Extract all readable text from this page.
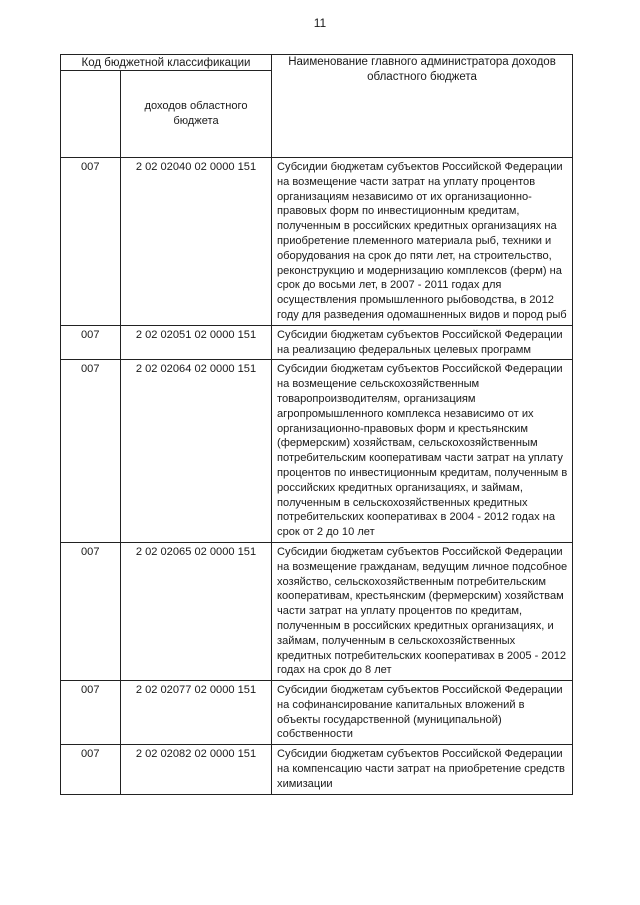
11
Код бюджетной классификации		Наименование главного администратора доходов областного бюджета
	доходов областного бюджета	
007	2 02 02040 02 0000 151	Субсидии бюджетам субъектов Российской Федерации на возмещение части затрат на уплату процентов организациям независимо от их организационно-правовых форм по инвестиционным кредитам, полученным в российских кредитных организациях на приобретение племенного материала рыб, техники и оборудования на срок до пяти лет, на строительство, реконструкцию и модернизацию комплексов (ферм) на срок до восьми лет, в 2007 - 2011 годах для осуществления промышленного рыбоводства, в 2012 году для разведения одомашненных видов и пород рыб
007	2 02 02051 02 0000 151	Субсидии бюджетам субъектов Российской Федерации на реализацию федеральных целевых программ
007	2 02 02064 02 0000 151	Субсидии бюджетам субъектов Российской Федерации на возмещение сельскохозяйственным товаропроизводителям, организациям агропромышленного комплекса независимо от их организационно-правовых форм и крестьянским (фермерским) хозяйствам, сельскохозяйственным потребительским кооперативам части затрат на уплату процентов по инвестиционным кредитам, полученным в российских кредитных организациях, и займам, полученным в сельскохозяйственных кредитных потребительских кооперативах в 2004 - 2012 годах на срок от 2 до 10 лет
007	2 02 02065 02 0000 151	Субсидии бюджетам субъектов Российской Федерации на возмещение гражданам, ведущим личное подсобное хозяйство, сельскохозяйственным потребительским кооперативам, крестьянским (фермерским) хозяйствам части затрат на уплату процентов по кредитам, полученным в российских кредитных организациях, и займам, полученным в сельскохозяйственных кредитных потребительских кооперативах в 2005 - 2012 годах на срок до 8 лет
007	2 02 02077 02 0000 151	Субсидии бюджетам субъектов Российской Федерации на софинансирование капитальных вложений в объекты государственной (муниципальной) собственности
007	2 02 02082 02 0000 151	Субсидии бюджетам субъектов Российской Федерации на компенсацию части затрат на приобретение средств химизации
